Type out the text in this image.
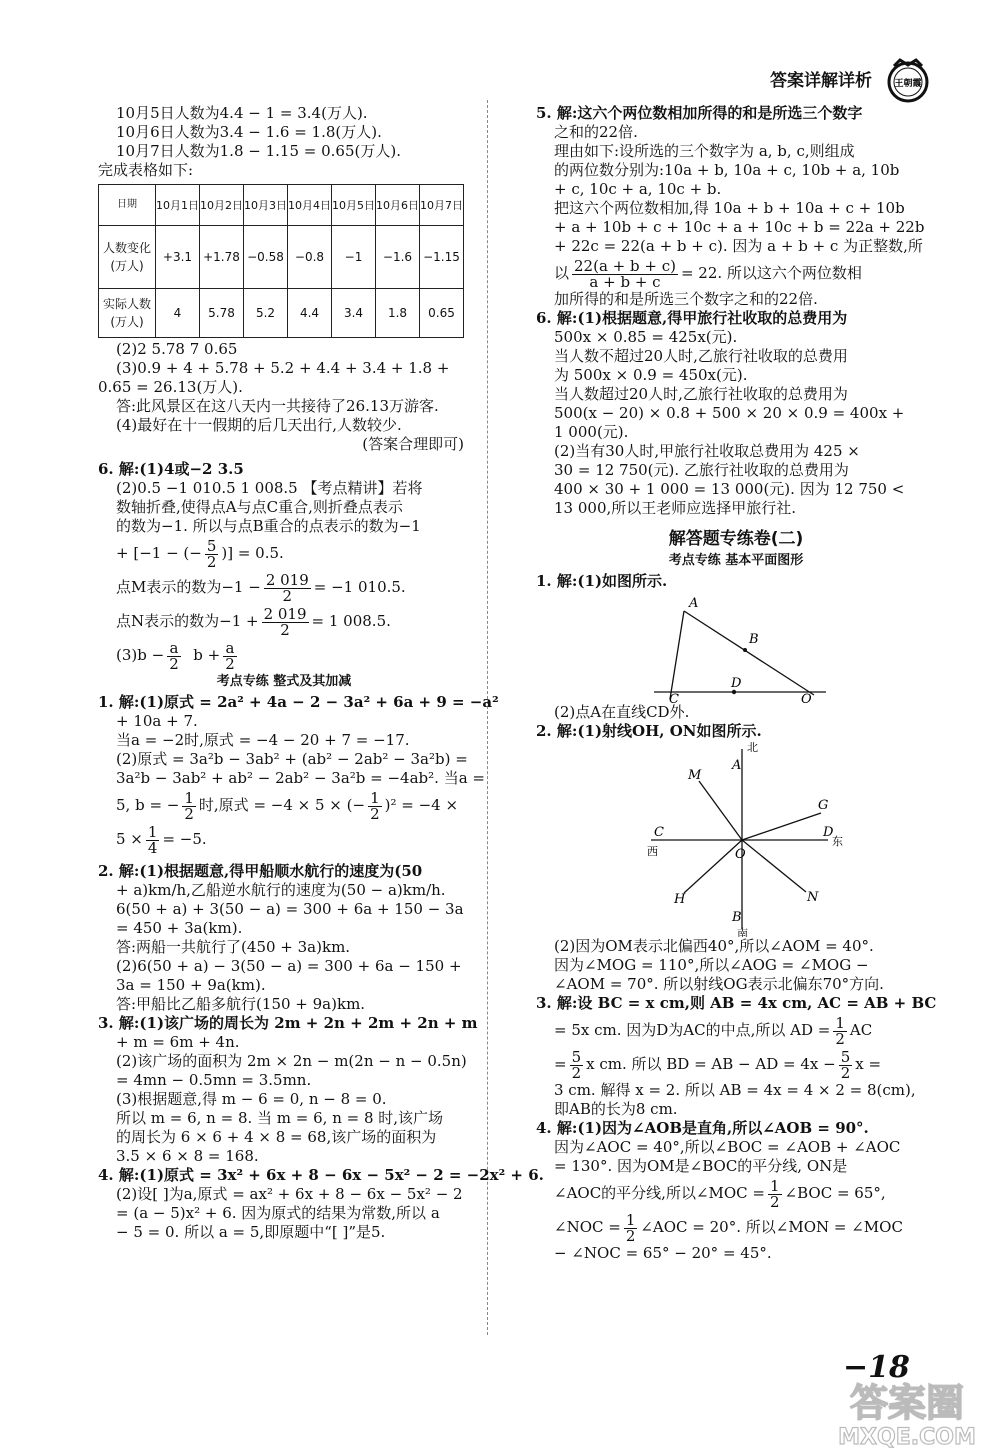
答案详解详析 王朝霞

10月5日人数为4.4 − 1 = 3.4(万人).

10月6日人数为3.4 − 1.6 = 1.8(万人).

10月7日人数为1.8 − 1.15 = 0.65(万人).

完成表格如下:

日期	10月1日	10月2日	10月3日	10月4日	10月5日	10月6日	10月7日
人数变化(万人)	+3.1	+1.78	−0.58	−0.8	−1	−1.6	−1.15
实际人数(万人)	4	5.78	5.2	4.4	3.4	1.8	0.65

(2)2 5.78 7 0.65

(3)0.9 + 4 + 5.78 + 5.2 + 4.4 + 3.4 + 1.8 +

0.65 = 26.13(万人).

答:此风景区在这八天内一共接待了26.13万游客.

(4)最好在十一假期的后几天出行,人数较少.

(答案合理即可)

6. 解:(1)4或−2 3.5

(2)0.5 −1 010.5 1 008.5 【考点精讲】若将

数轴折叠,使得点A与点C重合,则折叠点表示

的数为−1. 所以与点B重合的点表示的数为−1

+ [−1 − (− $\frac{5}{2}$ )] = 0.5.

点M表示的数为$-1 - \frac{2 019}{2} = -1$ 010.5.

点N表示的数为$-1 + \frac{2 019}{2} = 1$ 008.5.

$(3)b - \frac{a}{2}$ $b + \frac{a}{2}$

考点专练 整式及其加减

1. 解:(1)原式 = 2a² + 4a − 2 − 3a² + 6a + 9 = −a²

+ 10a + 7.

当a = −2时,原式 = −4 − 20 + 7 = −17.

(2)原式 = 3a²b − 3ab² + (ab² − 2ab² − 3a²b) =

3a²b − 3ab² + ab² − 2ab² − 3a²b = −4ab². 当a =

5, b = − $\frac{1}{2}$ 时,原式 = −4 × 5 × (− $\frac{1}{2} )^2 = -4$ ×

$5 \times \frac{1}{4} = -5$.

2. 解:(1)根据题意,得甲船顺水航行的速度为(50

+ a)km/h,乙船逆水航行的速度为(50 − a)km/h.

6(50 + a) + 3(50 − a) = 300 + 6a + 150 − 3a

= 450 + 3a(km).

答:两船一共航行了(450 + 3a)km.

(2)6(50 + a) − 3(50 − a) = 300 + 6a − 150 +

3a = 150 + 9a(km).

答:甲船比乙船多航行(150 + 9a)km.

3. 解:(1)该广场的周长为 2m + 2n + 2m + 2n + m

+ m = 6m + 4n.

(2)该广场的面积为 2m × 2n − m(2n − n − 0.5n)

= 4mn − 0.5mn = 3.5mn.

(3)根据题意,得 m − 6 = 0, n − 8 = 0.

所以 m = 6, n = 8. 当 m = 6, n = 8 时,该广场

的周长为 6 × 6 + 4 × 8 = 68,该广场的面积为

3.5 × 6 × 8 = 168.

4. 解:(1)原式 = 3x² + 6x + 8 − 6x − 5x² − 2 = −2x² + 6.

(2)设[ ]为a,原式 = ax² + 6x + 8 − 6x − 5x² − 2

= (a − 5)x² + 6. 因为原式的结果为常数,所以 a

− 5 = 0. 所以 a = 5,即原题中“[ ]”是5.

5. 解:这六个两位数相加所得的和是所选三个数字

之和的22倍.

理由如下:设所选的三个数字为 a, b, c,则组成

的两位数分别为:10a + b, 10a + c, 10b + a, 10b

+ c, 10c + a, 10c + b.

把这六个两位数相加,得 10a + b + 10a + c + 10b

+ a + 10b + c + 10c + a + 10c + b = 22a + 22b

+ 22c = 22(a + b + c). 因为 a + b + c 为正整数,所

以 $\frac{22(a + b + c)}{a + b + c} = 22$. 所以这六个两位数相

加所得的和是所选三个数字之和的22倍.

6. 解:(1)根据题意,得甲旅行社收取的总费用为

500x × 0.85 = 425x(元).

当人数不超过20人时,乙旅行社收取的总费用

为 500x × 0.9 = 450x(元).

当人数超过20人时,乙旅行社收取的总费用为

500(x − 20) × 0.8 + 500 × 20 × 0.9 = 400x +

1 000(元).

(2)当有30人时,甲旅行社收取总费用为 425 ×

30 = 12 750(元). 乙旅行社收取的总费用为

400 × 30 + 1 000 = 13 000(元). 因为 12 750 <

13 000,所以王老师应选择甲旅行社.

解答题专练卷(二)

考点专练 基本平面图形

1. 解:(1)如图所示.

A
B
C
D
O

(2)点A在直线CD外.

2. 解:(1)射线OH, ON如图所示.

北
南
西
东
A
B
C	D
G
M
H	N
O

(2)因为OM表示北偏西40°,所以∠AOM = 40°.

因为∠MOG = 110°,所以∠AOG = ∠MOG −

∠AOM = 70°. 所以射线OG表示北偏东70°方向.

3. 解:设 BC = x cm,则 AB = 4x cm, AC = AB + BC

= 5x cm. 因为D为AC的中点,所以 AD = $\frac{1}{2}$ AC

= $\frac{5}{2}$ x cm. 所以 BD = AB − AD = $4x - \frac{5}{2}$ x =

3 cm. 解得 x = 2. 所以 AB = 4x = 4 × 2 = 8(cm),

即AB的长为8 cm.

4. 解:(1)因为∠AOB是直角,所以∠AOB = 90°.

因为∠AOC = 40°,所以∠BOC = ∠AOB + ∠AOC

= 130°. 因为OM是∠BOC的平分线, ON是

∠AOC的平分线,所以∠MOC = $\frac{1}{2}$ ∠BOC = 65°,

∠NOC = $\frac{1}{2}$ ∠AOC = 20°. 所以∠MON = ∠MOC

− ∠NOC = 65° − 20° = 45°.

−18
答案圈
MXQE.COM
